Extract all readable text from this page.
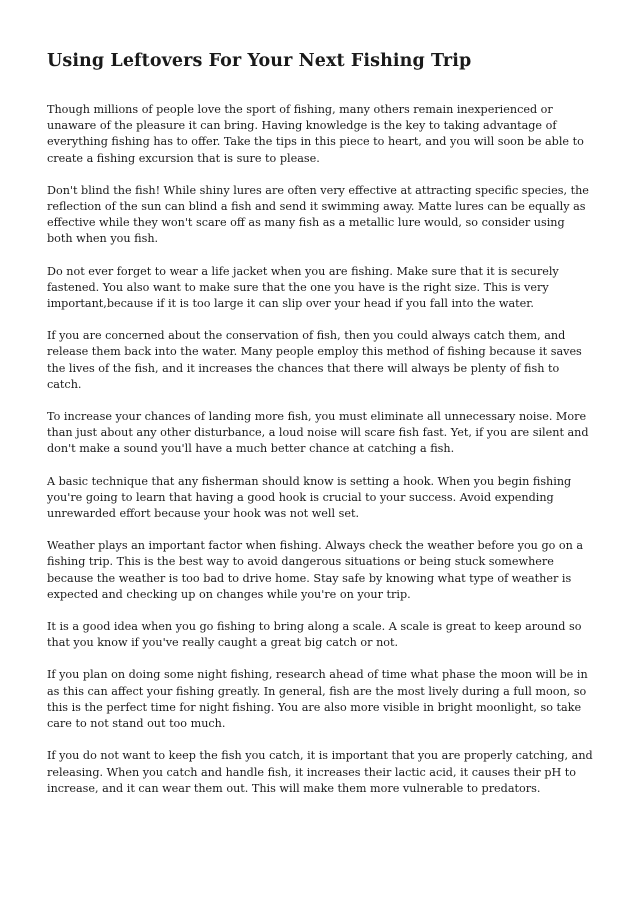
Using Leftovers For Your Next Fishing Trip

Though millions of people love the sport of fishing, many others remain inexperienced or unaware of the pleasure it can bring. Having knowledge is the key to taking advantage of everything fishing has to offer. Take the tips in this piece to heart, and you will soon be able to create a fishing excursion that is sure to please.

Don't blind the fish! While shiny lures are often very effective at attracting specific species, the reflection of the sun can blind a fish and send it swimming away. Matte lures can be equally as effective while they won't scare off as many fish as a metallic lure would, so consider using both when you fish.

Do not ever forget to wear a life jacket when you are fishing. Make sure that it is securely fastened. You also want to make sure that the one you have is the right size. This is very important,because if it is too large it can slip over your head if you fall into the water.

If you are concerned about the conservation of fish, then you could always catch them, and release them back into the water. Many people employ this method of fishing because it saves the lives of the fish, and it increases the chances that there will always be plenty of fish to catch.

To increase your chances of landing more fish, you must eliminate all unnecessary noise. More than just about any other disturbance, a loud noise will scare fish fast. Yet, if you are silent and don't make a sound you'll have a much better chance at catching a fish.

A basic technique that any fisherman should know is setting a hook. When you begin fishing you're going to learn that having a good hook is crucial to your success. Avoid expending unrewarded effort because your hook was not well set.

Weather plays an important factor when fishing. Always check the weather before you go on a fishing trip. This is the best way to avoid dangerous situations or being stuck somewhere because the weather is too bad to drive home. Stay safe by knowing what type of weather is expected and checking up on changes while you're on your trip.

It is a good idea when you go fishing to bring along a scale. A scale is great to keep around so that you know if you've really caught a great big catch or not.

If you plan on doing some night fishing, research ahead of time what phase the moon will be in as this can affect your fishing greatly. In general, fish are the most lively during a full moon, so this is the perfect time for night fishing. You are also more visible in bright moonlight, so take care to not stand out too much.

If you do not want to keep the fish you catch, it is important that you are properly catching, and releasing. When you catch and handle fish, it increases their lactic acid, it causes their pH to increase, and it can wear them out. This will make them more vulnerable to predators.
